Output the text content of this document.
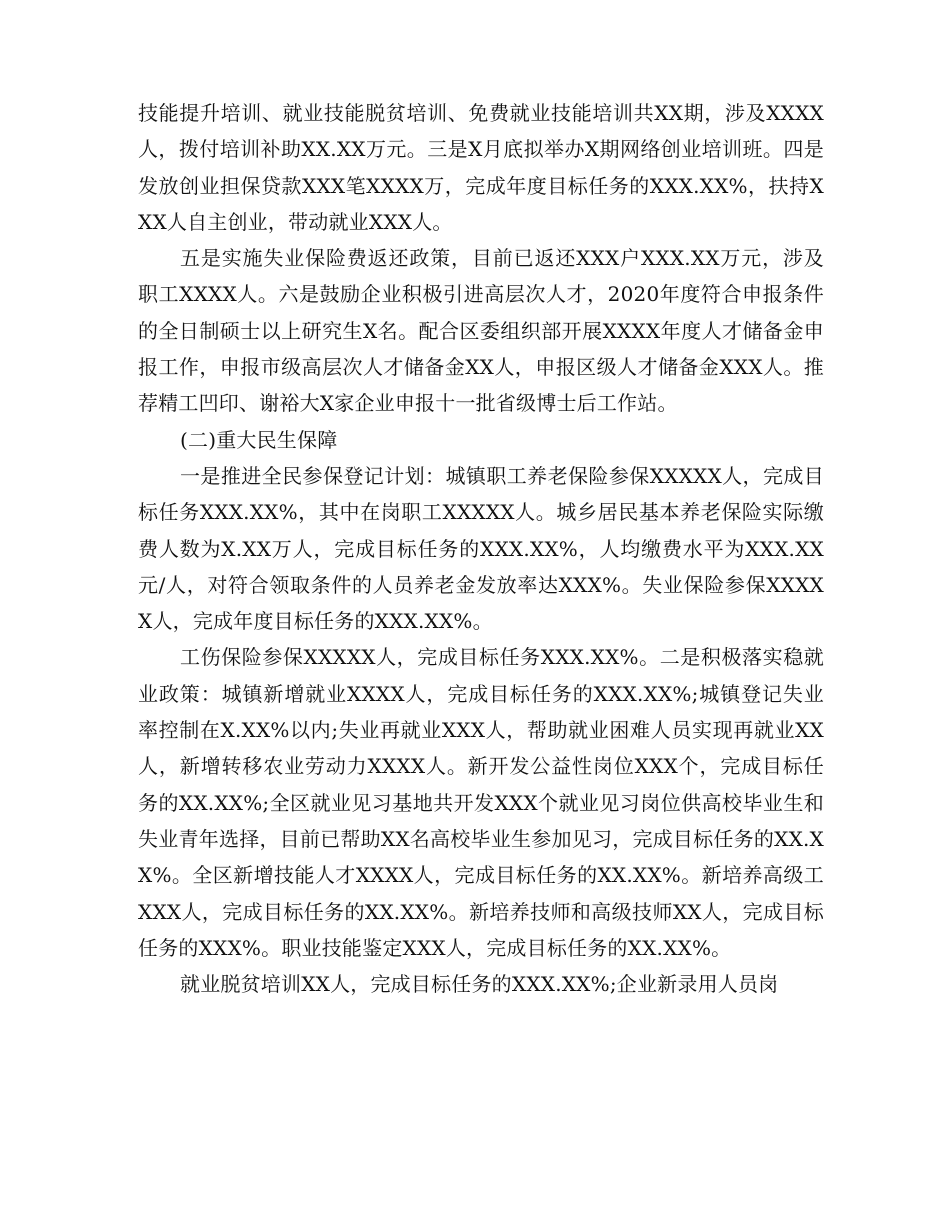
技能提升培训、就业技能脱贫培训、免费就业技能培训共XX期，涉及XXXX人，拨付培训补助XX.XX万元。三是X月底拟举办X期网络创业培训班。四是发放创业担保贷款XXX笔XXXX万，完成年度目标任务的XXX.XX%，扶持XXX人自主创业，带动就业XXX人。

五是实施失业保险费返还政策，目前已返还XXX户XXX.XX万元，涉及职工XXXX人。六是鼓励企业积极引进高层次人才，2020年度符合申报条件的全日制硕士以上研究生X名。配合区委组织部开展XXXX年度人才储备金申报工作，申报市级高层次人才储备金XX人，申报区级人才储备金XXX人。推荐精工凹印、谢裕大X家企业申报十一批省级博士后工作站。

(二)重大民生保障

一是推进全民参保登记计划：城镇职工养老保险参保XXXXX人，完成目标任务XXX.XX%，其中在岗职工XXXXX人。城乡居民基本养老保险实际缴费人数为X.XX万人，完成目标任务的XXX.XX%，人均缴费水平为XXX.XX元/人，对符合领取条件的人员养老金发放率达XXX%。失业保险参保XXXXX人，完成年度目标任务的XXX.XX%。

工伤保险参保XXXXX人，完成目标任务XXX.XX%。二是积极落实稳就业政策：城镇新增就业XXXX人，完成目标任务的XXX.XX%;城镇登记失业率控制在X.XX%以内;失业再就业XXX人，帮助就业困难人员实现再就业XX人，新增转移农业劳动力XXXX人。新开发公益性岗位XXX个，完成目标任务的XX.XX%;全区就业见习基地共开发XXX个就业见习岗位供高校毕业生和失业青年选择，目前已帮助XX名高校毕业生参加见习，完成目标任务的XX.XX%。全区新增技能人才XXXX人，完成目标任务的XX.XX%。新培养高级工XXX人，完成目标任务的XX.XX%。新培养技师和高级技师XX人，完成目标任务的XXX%。职业技能鉴定XXX人，完成目标任务的XX.XX%。

就业脱贫培训XX人，完成目标任务的XXX.XX%;企业新录用人员岗
